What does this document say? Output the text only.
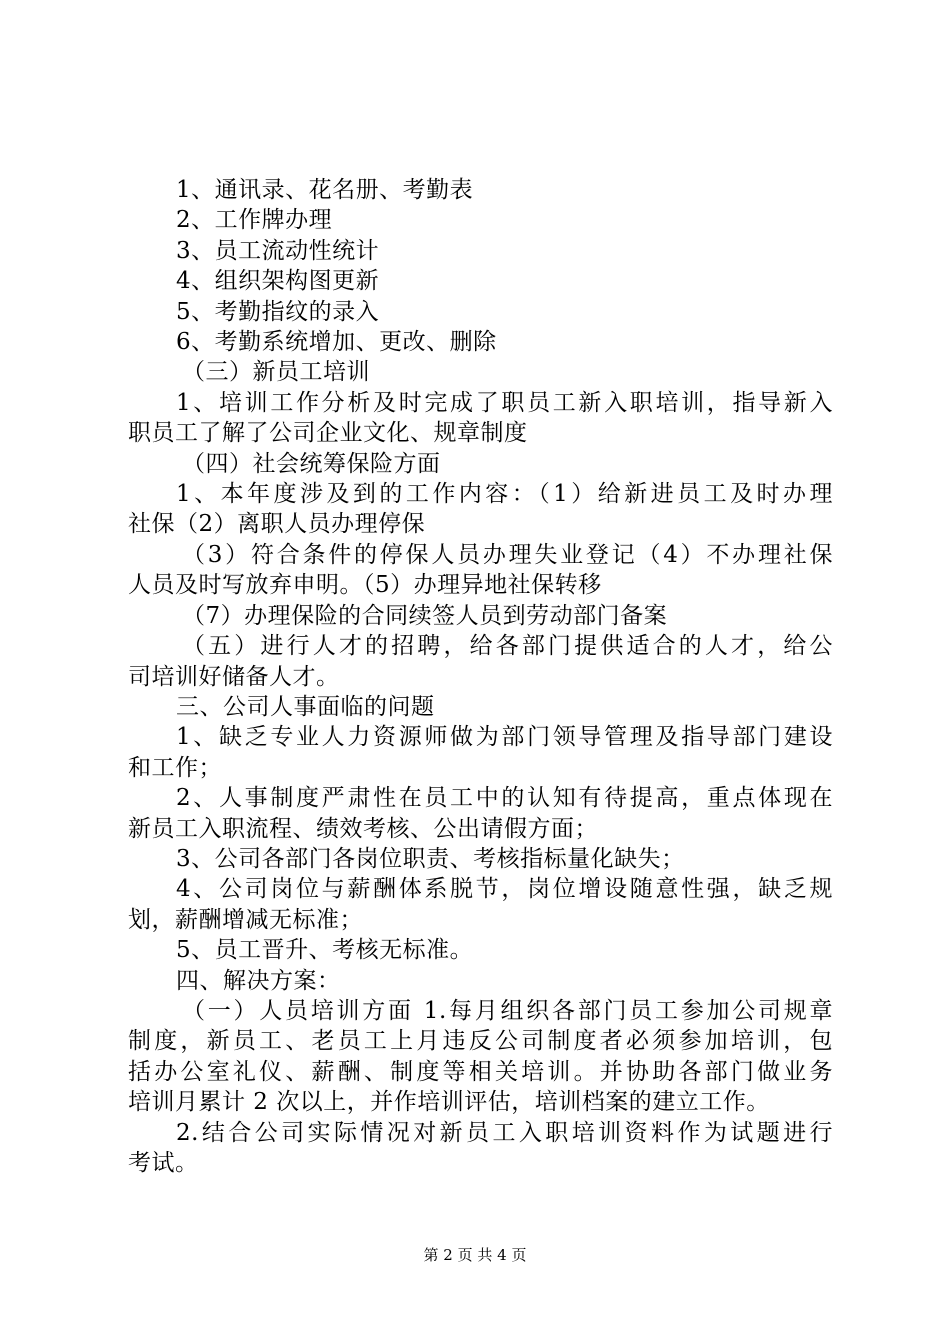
1、通讯录、花名册、考勤表
2、工作牌办理
3、员工流动性统计
4、组织架构图更新
5、考勤指纹的录入
6、考勤系统增加、更改、删除
（三）新员工培训
1、培训工作分析及时完成了职员工新入职培训，指导新入
职员工了解了公司企业文化、规章制度
（四）社会统筹保险方面
1、本年度涉及到的工作内容：（1）给新进员工及时办理
社保（2）离职人员办理停保
（3）符合条件的停保人员办理失业登记（4）不办理社保
人员及时写放弃申明。（5）办理异地社保转移
（7）办理保险的合同续签人员到劳动部门备案
（五）进行人才的招聘，给各部门提供适合的人才，给公
司培训好储备人才。
三、公司人事面临的问题
1、缺乏专业人力资源师做为部门领导管理及指导部门建设
和工作；
2、人事制度严肃性在员工中的认知有待提高，重点体现在
新员工入职流程、绩效考核、公出请假方面；
3、公司各部门各岗位职责、考核指标量化缺失；
4、公司岗位与薪酬体系脱节，岗位增设随意性强，缺乏规
划，薪酬增减无标准；
5、员工晋升、考核无标准。
四、解决方案：
（一）人员培训方面 1.每月组织各部门员工参加公司规章
制度，新员工、老员工上月违反公司制度者必须参加培训，包
括办公室礼仪、薪酬、制度等相关培训。并协助各部门做业务
培训月累计 2 次以上，并作培训评估，培训档案的建立工作。
2.结合公司实际情况对新员工入职培训资料作为试题进行
考试。
第 2 页 共 4 页
